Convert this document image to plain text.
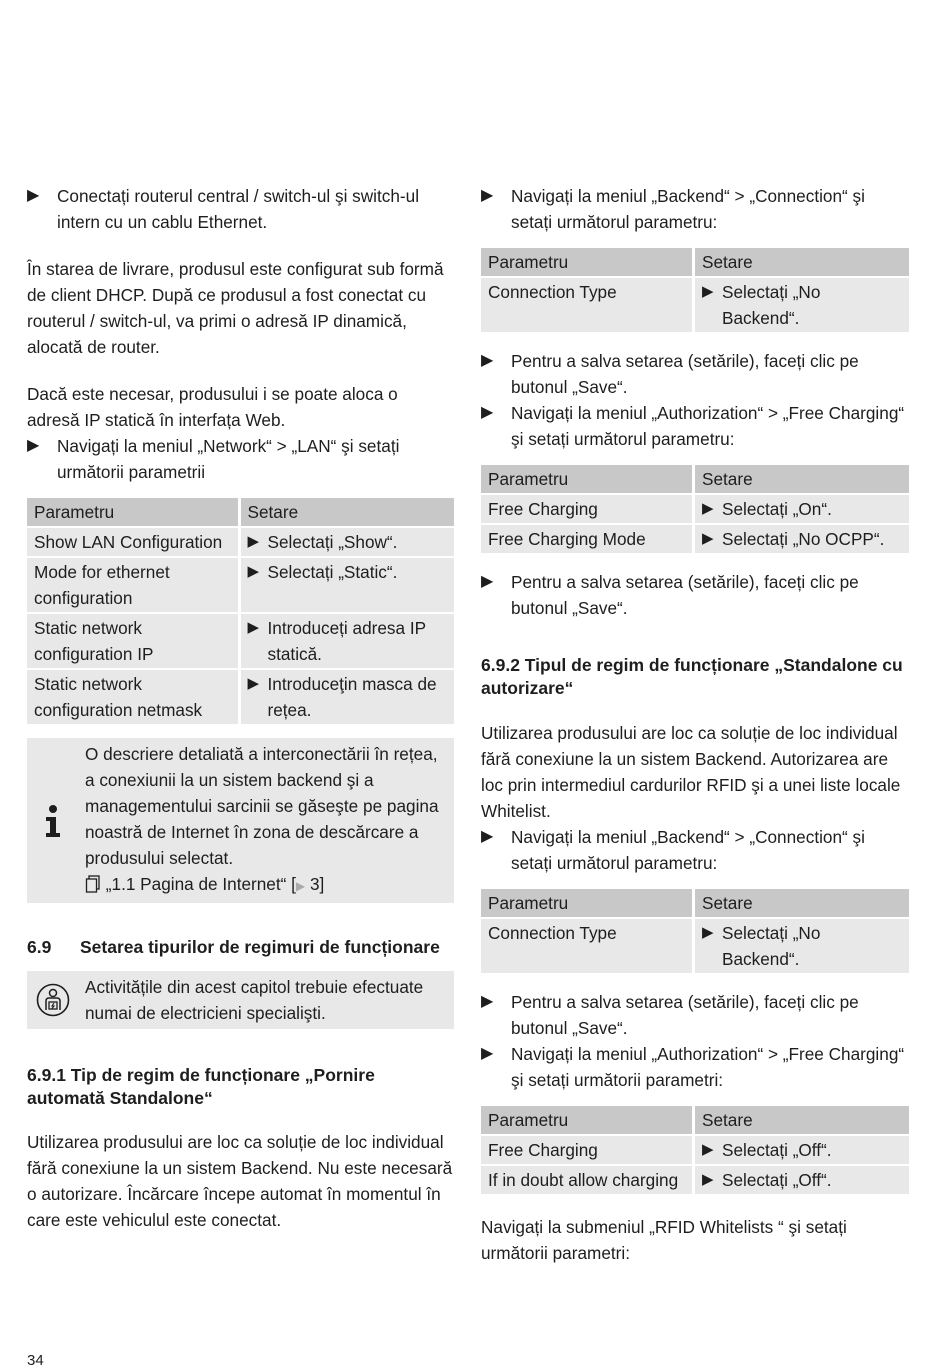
▶ Conectați routerul central / switch-ul şi switch-ul intern cu un cablu Ethernet.
În starea de livrare, produsul este configurat sub formă de client DHCP. După ce produsul a fost conectat cu routerul / switch-ul, va primi o adresă IP dinamică, alocată de router.
Dacă este necesar, produsului i se poate aloca o adresă IP statică în interfața Web.
▶ Navigați la meniul „Network“ > „LAN“ şi setați următorii parametrii
Parametru	Setare
Show LAN Configuration	▶ Selectați „Show“.

Mode for ethernet configuration	▶ Selectați „Static“.

Static network configuration IP	▶ Introduceți adresa IP statică.

Static network configuration netmask	▶ Introduceţin masca de rețea.
O descriere detaliată a interconectării în rețea, a conexiunii la un sistem backend şi a managementului sarcinii se găseşte pe pagina noastră de Internet în zona de descărcare a produsului selectat.
„1.1 Pagina de Internet“ [▶ 3]
6.9	Setarea tipurilor de regimuri de funcționare
Activitățile din acest capitol trebuie efectuate numai de electricieni specialişti.
6.9.1 Tip de regim de funcționare „Pornire automată Standalone“
Utilizarea produsului are loc ca soluție de loc individual fără conexiune la un sistem Backend. Nu este necesară o autorizare. Încărcare începe automat în momentul în care este vehiculul este conectat.
▶ Navigați la meniul „Backend“ > „Connection“ şi setați următorul parametru:
Parametru	Setare
Connection Type	▶ Selectați „No Backend“.
▶ Pentru a salva setarea (setările), faceți clic pe butonul „Save“.
▶ Navigați la meniul „Authorization“ > „Free Charging“ şi setați următorul parametru:
Parametru	Setare
Free Charging	▶ Selectați „On“.

Free Charging Mode	▶ Selectați „No OCPP“.
▶ Pentru a salva setarea (setările), faceți clic pe butonul „Save“.
6.9.2 Tipul de regim de funcționare „Standalone cu autorizare“
Utilizarea produsului are loc ca soluție de loc individual fără conexiune la un sistem Backend. Autorizarea are loc prin intermediul cardurilor RFID şi a unei liste locale Whitelist.
▶ Navigați la meniul „Backend“ > „Connection“ şi setați următorul parametru:
Parametru	Setare
Connection Type	▶ Selectați „No Backend“.
▶ Pentru a salva setarea (setările), faceți clic pe butonul „Save“.
▶ Navigați la meniul „Authorization“ > „Free Charging“ şi setați următorii parametri:
Parametru	Setare
Free Charging	▶ Selectați „Off“.

If in doubt allow charging	▶ Selectați „Off“.
Navigați la submeniul „RFID Whitelists “ şi setați următorii parametri:
34
